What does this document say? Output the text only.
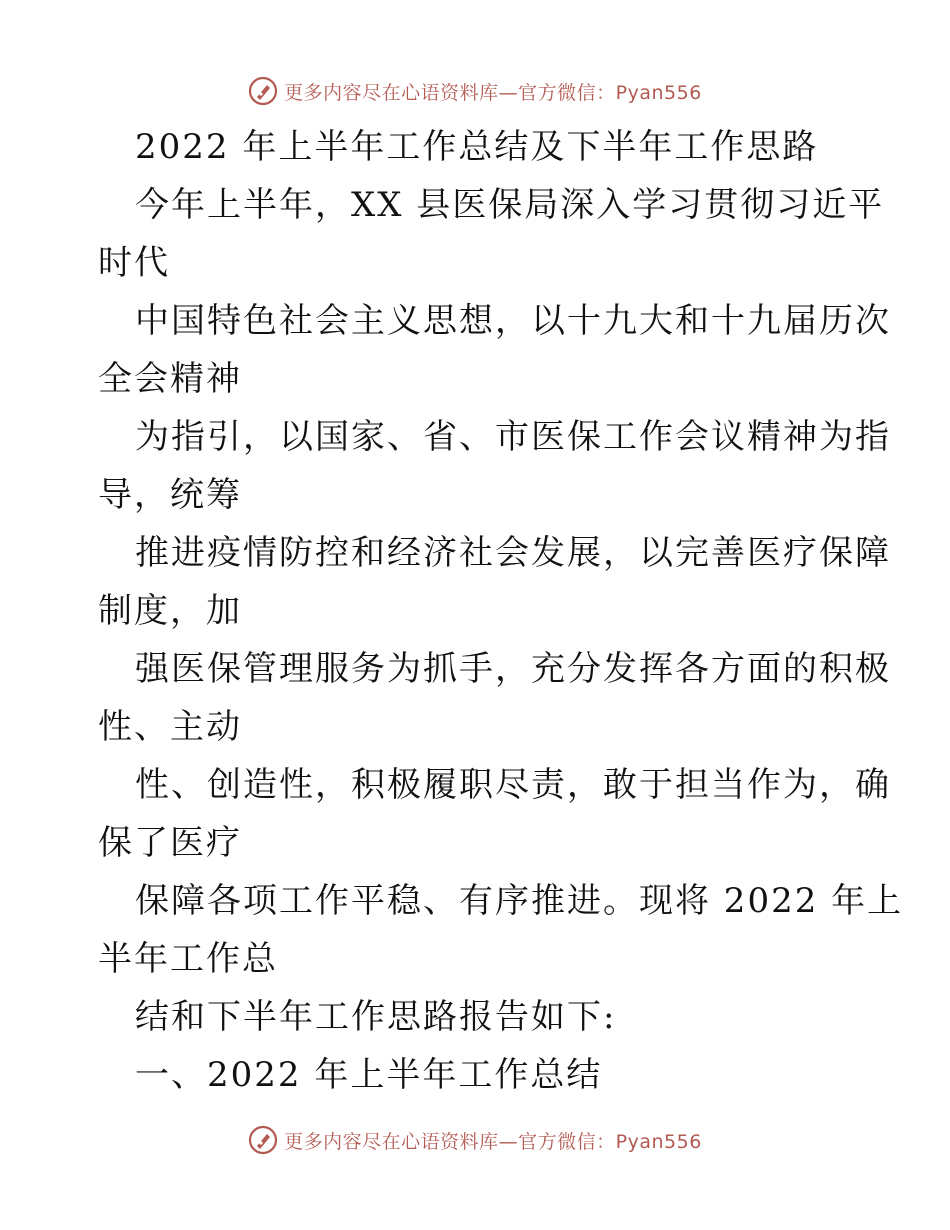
更多内容尽在心语资料库—官方微信：Pyan556
2022 年上半年工作总结及下半年工作思路
今年上半年，XX 县医保局深入学习贯彻习近平
时代
中国特色社会主义思想，以十九大和十九届历次
全会精神
为指引，以国家、省、市医保工作会议精神为指
导，统筹
推进疫情防控和经济社会发展，以完善医疗保障
制度，加
强医保管理服务为抓手，充分发挥各方面的积极
性、主动
性、创造性，积极履职尽责，敢于担当作为，确
保了医疗
保障各项工作平稳、有序推进。现将 2022 年上
半年工作总
结和下半年工作思路报告如下:
一、2022 年上半年工作总结
更多内容尽在心语资料库—官方微信：Pyan556
